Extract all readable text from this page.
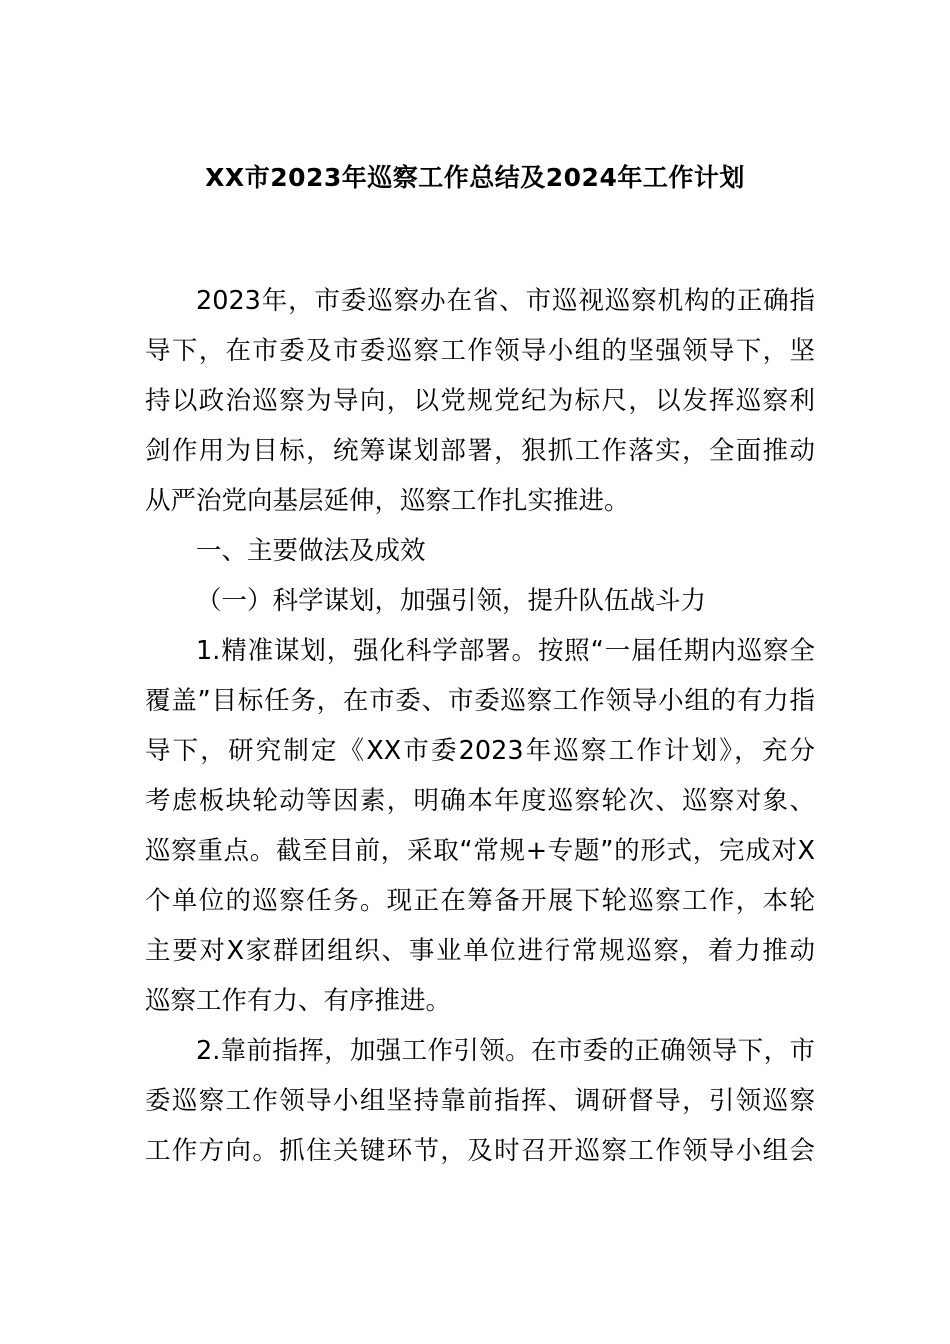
XX市2023年巡察工作总结及2024年工作计划
2023年，市委巡察办在省、市巡视巡察机构的正确指
导下，在市委及市委巡察工作领导小组的坚强领导下，坚
持以政治巡察为导向，以党规党纪为标尺，以发挥巡察利
剑作用为目标，统筹谋划部署，狠抓工作落实，全面推动
从严治党向基层延伸，巡察工作扎实推进。
一、主要做法及成效
（一）科学谋划，加强引领，提升队伍战斗力
1.精准谋划，强化科学部署。按照“一届任期内巡察全
覆盖”目标任务，在市委、市委巡察工作领导小组的有力指
导下，研究制定《XX市委2023年巡察工作计划》，充分
考虑板块轮动等因素，明确本年度巡察轮次、巡察对象、
巡察重点。截至目前，采取“常规+专题”的形式，完成对X
个单位的巡察任务。现正在筹备开展下轮巡察工作，本轮
主要对X家群团组织、事业单位进行常规巡察，着力推动
巡察工作有力、有序推进。
2.靠前指挥，加强工作引领。在市委的正确领导下，市
委巡察工作领导小组坚持靠前指挥、调研督导，引领巡察
工作方向。抓住关键环节，及时召开巡察工作领导小组会
